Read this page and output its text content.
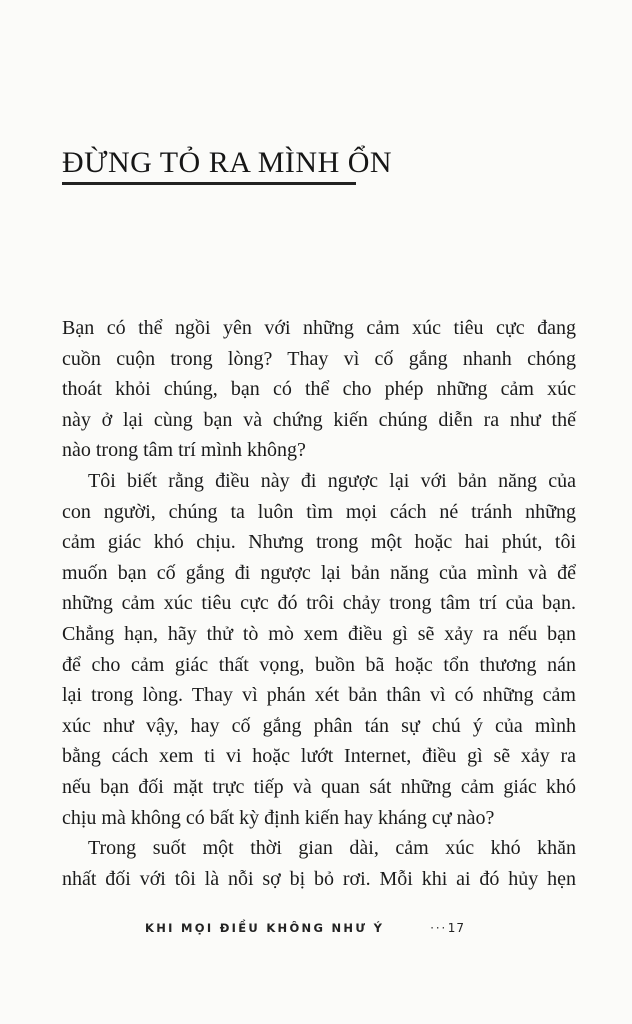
ĐỪNG TỎ RA MÌNH ỔN
Bạn có thể ngồi yên với những cảm xúc tiêu cực đang
cuồn cuộn trong lòng? Thay vì cố gắng nhanh chóng
thoát khỏi chúng, bạn có thể cho phép những cảm xúc
này ở lại cùng bạn và chứng kiến chúng diễn ra như thế
nào trong tâm trí mình không?
Tôi biết rằng điều này đi ngược lại với bản năng của
con người, chúng ta luôn tìm mọi cách né tránh những
cảm giác khó chịu. Nhưng trong một hoặc hai phút, tôi
muốn bạn cố gắng đi ngược lại bản năng của mình và để
những cảm xúc tiêu cực đó trôi chảy trong tâm trí của bạn.
Chẳng hạn, hãy thử tò mò xem điều gì sẽ xảy ra nếu bạn
để cho cảm giác thất vọng, buồn bã hoặc tổn thương nán
lại trong lòng. Thay vì phán xét bản thân vì có những cảm
xúc như vậy, hay cố gắng phân tán sự chú ý của mình
bằng cách xem ti vi hoặc lướt Internet, điều gì sẽ xảy ra
nếu bạn đối mặt trực tiếp và quan sát những cảm giác khó
chịu mà không có bất kỳ định kiến hay kháng cự nào?
Trong suốt một thời gian dài, cảm xúc khó khăn
nhất đối với tôi là nỗi sợ bị bỏ rơi. Mỗi khi ai đó hủy hẹn
KHI MỌI ĐIỀU KHÔNG NHƯ Ý	··· 17
